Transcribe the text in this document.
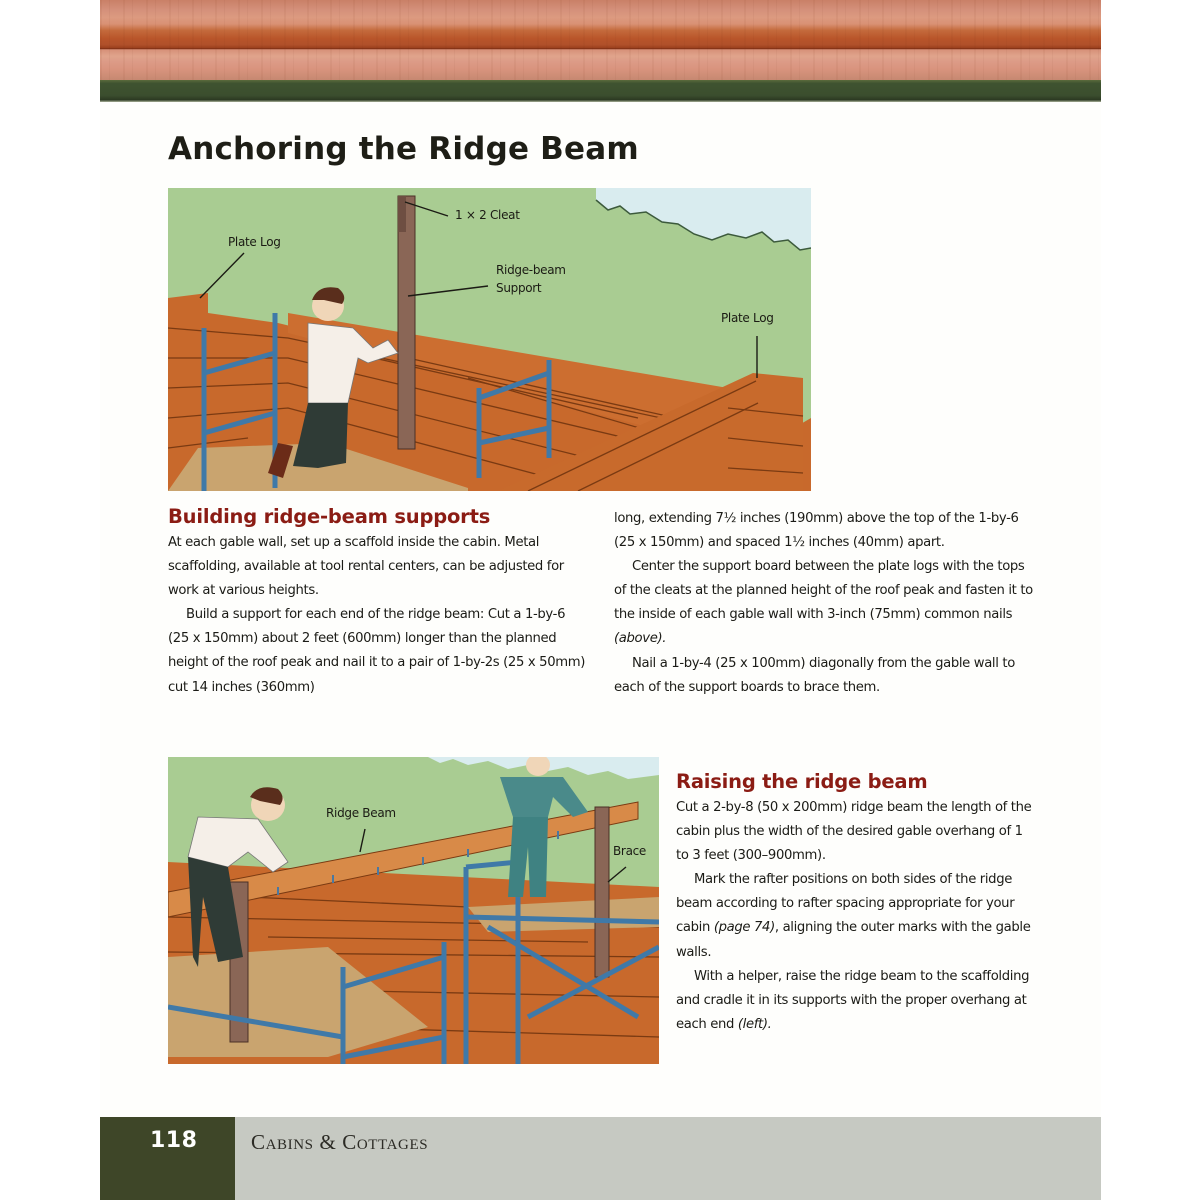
Anchoring the Ridge Beam
Plate Log
1 × 2 Cleat
Ridge-beam
Support
Plate Log
Building ridge-beam supports

At each gable wall, set up a scaffold inside the cabin. Metal scaffolding, available at tool rental centers, can be adjusted for work at various heights.

Build a support for each end of the ridge beam: Cut a 1-by-6 (25 x 150mm) about 2 feet (600mm) longer than the planned height of the roof peak and nail it to a pair of 1-by-2s (25 x 50mm) cut 14 inches (360mm)

long, extending 7½ inches (190mm) above the top of the 1-by-6 (25 x 150mm) and spaced 1½ inches (40mm) apart.

Center the support board between the plate logs with the tops of the cleats at the planned height of the roof peak and fasten it to the inside of each gable wall with 3-inch (75mm) common nails (above).

Nail a 1-by-4 (25 x 100mm) diagonally from the gable wall to each of the support boards to brace them.

Ridge Beam
Brace
Raising the ridge beam

Cut a 2-by-8 (50 x 200mm) ridge beam the length of the cabin plus the width of the desired gable overhang of 1 to 3 feet (300–900mm).

Mark the rafter positions on both sides of the ridge beam according to rafter spacing appropriate for your cabin (page 74), aligning the outer marks with the gable walls.

With a helper, raise the ridge beam to the scaffolding and cradle it in its supports with the proper overhang at each end (left).

118	Cabins & Cottages
